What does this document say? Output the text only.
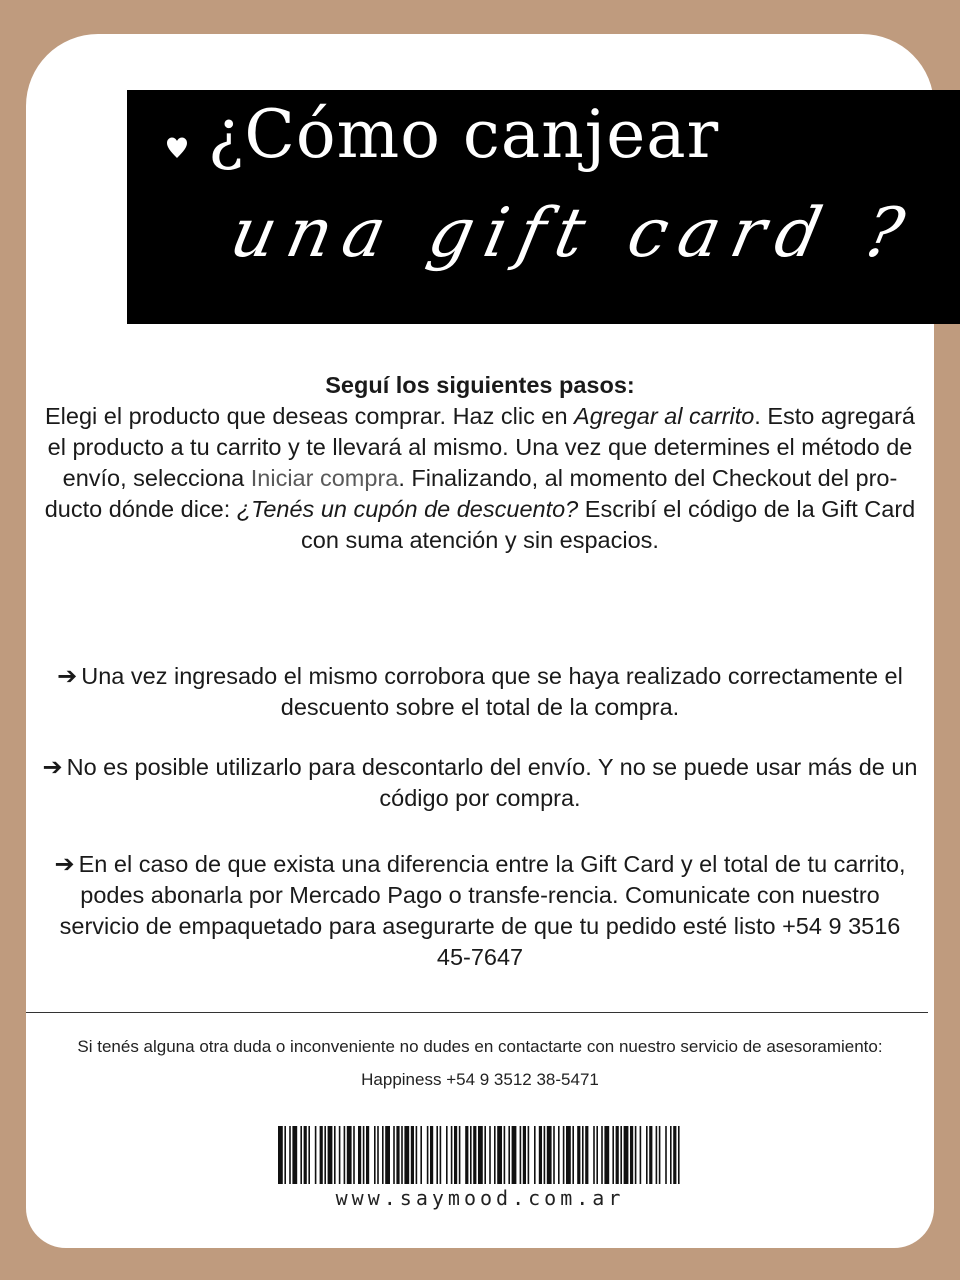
¿Cómo canjear
una gift card ?
Seguí los siguientes pasos:
Elegi el producto que deseas comprar. Haz clic en Agregar al carrito. Esto agregará el producto a tu carrito y te llevará al mismo. Una vez que determines el método de envío, selecciona Iniciar compra. Finalizando, al momento del Checkout del pro-ducto dónde dice: ¿Tenés un cupón de descuento? Escribí el código de la Gift Card con suma atención y sin espacios.
➔ Una vez ingresado el mismo corrobora que se haya realizado correctamente el descuento sobre el total de la compra.
➔ No es posible utilizarlo para descontarlo del envío. Y no se puede usar más de un código por compra.
➔ En el caso de que exista una diferencia entre la Gift Card y el total de tu carrito, podes abonarla por Mercado Pago o transfe-rencia. Comunicate con nuestro servicio de empaquetado para asegurarte de que tu pedido esté listo +54 9 3516 45-7647
Si tenés alguna otra duda o inconveniente no dudes en contactarte con nuestro servicio de asesoramiento: Happiness +54 9 3512 38-5471
www.saymood.com.ar
